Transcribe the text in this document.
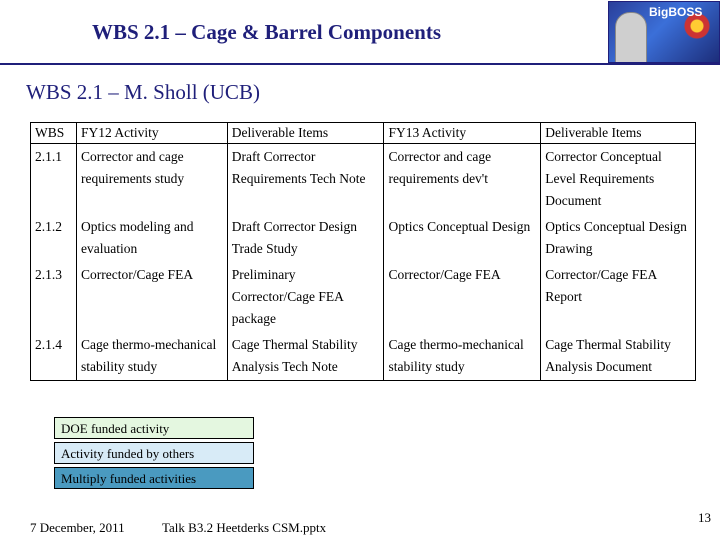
WBS 2.1 – Cage & Barrel Components
BigBOSS
WBS 2.1 – M. Sholl (UCB)
WBS	FY12 Activity	Deliverable Items	FY13 Activity	Deliverable Items
2.1.1	Corrector and cage requirements study	Draft Corrector Requirements Tech Note	Corrector and cage requirements dev't	Corrector Conceptual Level Requirements Document
2.1.2	Optics modeling and evaluation	Draft Corrector Design Trade Study	Optics Conceptual Design	Optics Conceptual Design Drawing
2.1.3	Corrector/Cage FEA	Preliminary Corrector/Cage FEA package	Corrector/Cage FEA	Corrector/Cage FEA Report
2.1.4	Cage thermo-mechanical stability study	Cage Thermal Stability Analysis Tech Note	Cage thermo-mechanical stability study	Cage Thermal Stability Analysis Document
DOE funded activity
Activity funded by others
Multiply funded activities
7 December, 2011	Talk B3.2 Heetderks CSM.pptx
13
